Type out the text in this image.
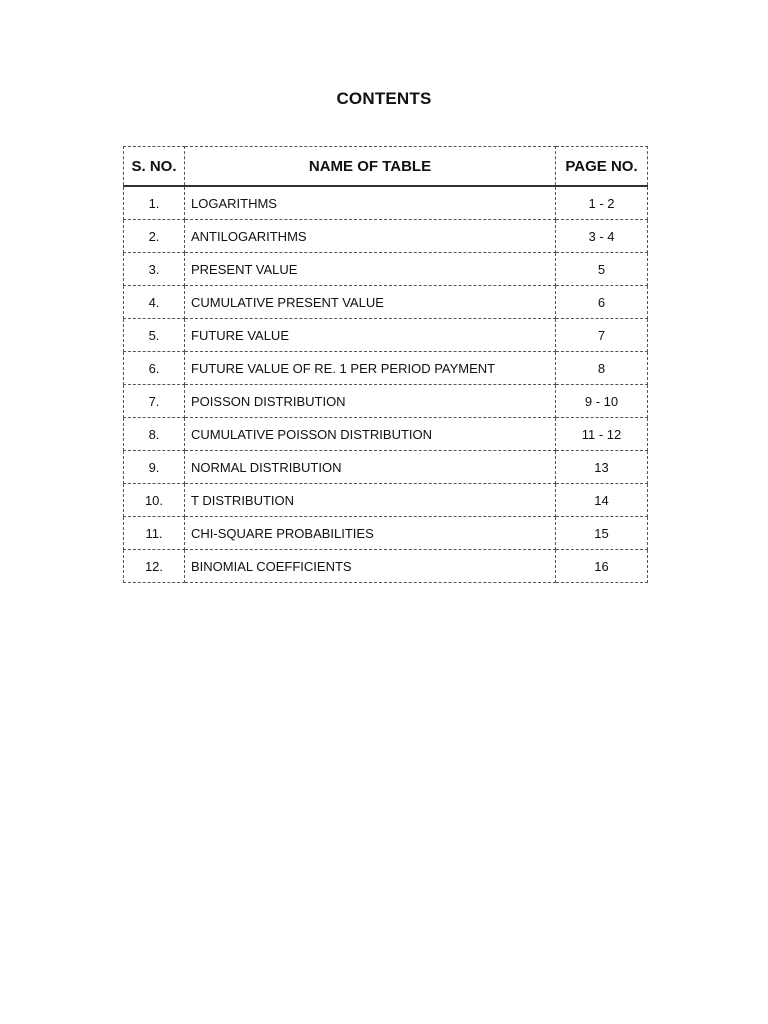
CONTENTS
S. NO.	NAME OF TABLE	PAGE NO.
1.	LOGARITHMS	1 - 2
2.	ANTILOGARITHMS	3 - 4
3.	PRESENT VALUE	5
4.	CUMULATIVE PRESENT VALUE	6
5.	FUTURE VALUE	7
6.	FUTURE VALUE OF RE. 1 PER PERIOD PAYMENT	8
7.	POISSON DISTRIBUTION	9 - 10
8.	CUMULATIVE POISSON DISTRIBUTION	11 - 12
9.	NORMAL DISTRIBUTION	13
10.	T DISTRIBUTION	14
11.	CHI-SQUARE PROBABILITIES	15
12.	BINOMIAL COEFFICIENTS	16
